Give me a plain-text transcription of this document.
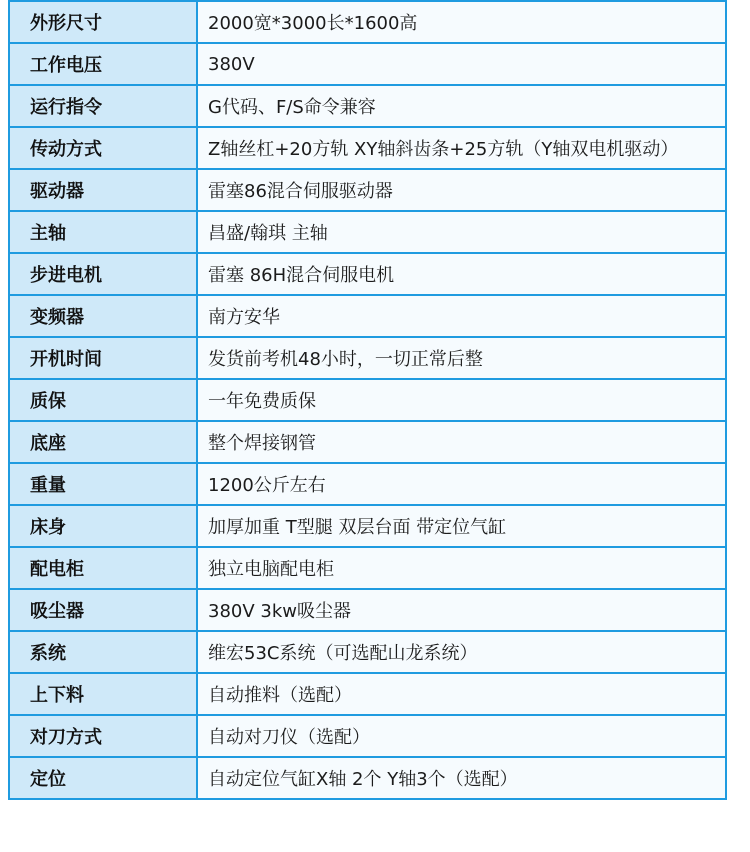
外形尺寸	2000宽*3000长*1600高
工作电压	380V
运行指令	G代码、F/S命令兼容
传动方式	Z轴丝杠+20方轨 XY轴斜齿条+25方轨（Y轴双电机驱动）
驱动器	雷塞86混合伺服驱动器
主轴	昌盛/翰琪 主轴
步进电机	雷塞 86H混合伺服电机
变频器	南方安华
开机时间	发货前考机48小时，一切正常后整
质保	一年免费质保
底座	整个焊接钢管
重量	1200公斤左右
床身	加厚加重 T型腿 双层台面 带定位气缸
配电柜	独立电脑配电柜
吸尘器	380V 3kw吸尘器
系统	维宏53C系统（可选配山龙系统）
上下料	自动推料（选配）
对刀方式	自动对刀仪（选配）
定位	自动定位气缸X轴 2个 Y轴3个（选配）
